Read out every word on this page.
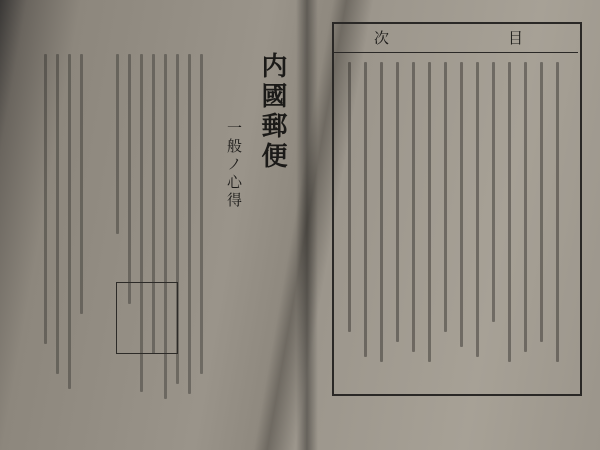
内國郵便
一般ノ心得
次	目
